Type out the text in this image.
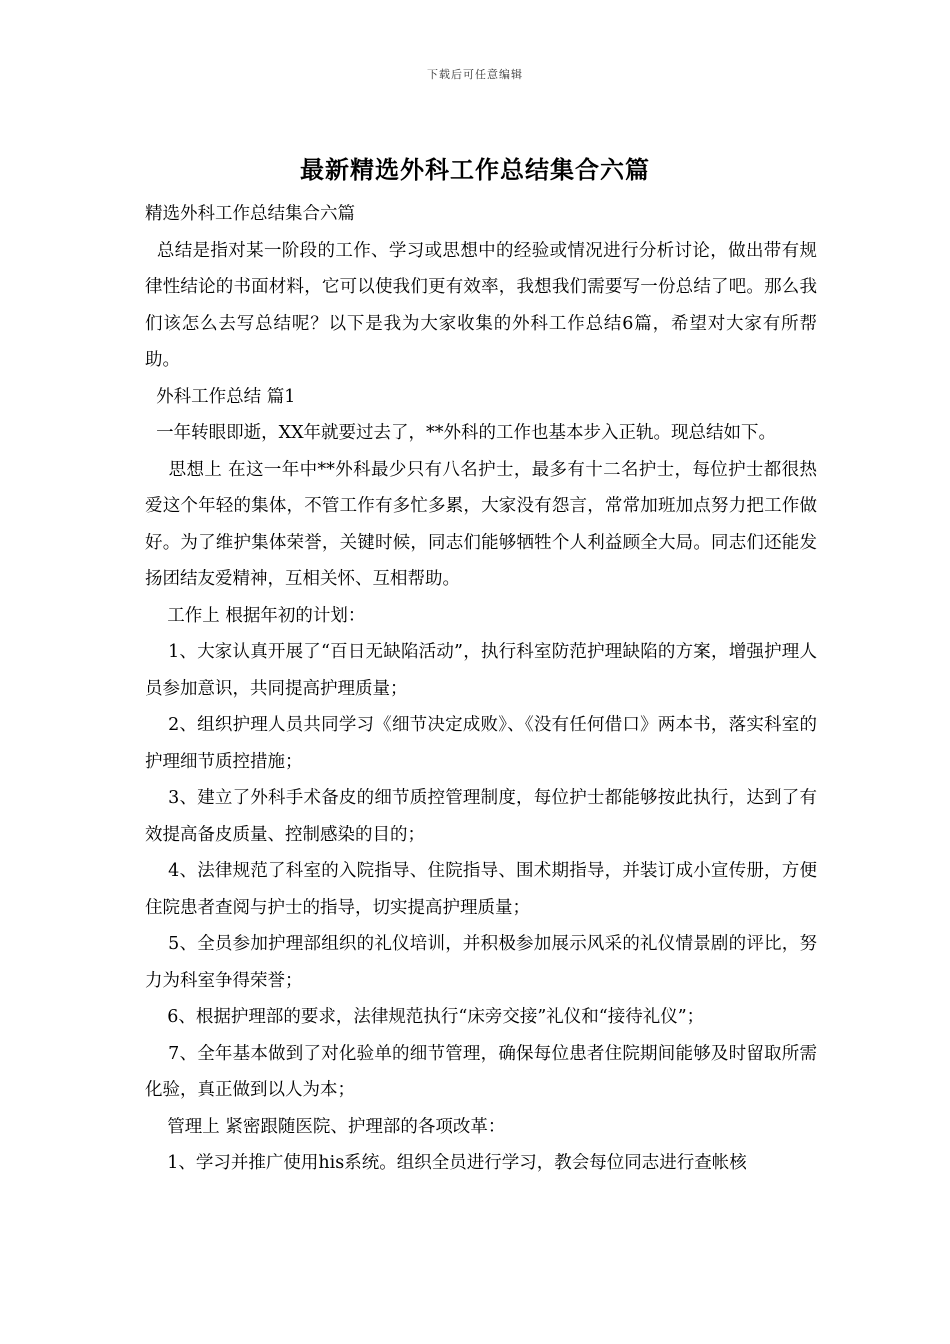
下载后可任意编辑
最新精选外科工作总结集合六篇

精选外科工作总结集合六篇

总结是指对某一阶段的工作、学习或思想中的经验或情况进行分析讨论，做出带有规律性结论的书面材料，它可以使我们更有效率，我想我们需要写一份总结了吧。那么我们该怎么去写总结呢？以下是我为大家收集的外科工作总结6篇，希望对大家有所帮助。

外科工作总结 篇1

一年转眼即逝，XX年就要过去了，**外科的工作也基本步入正轨。现总结如下。

思想上 在这一年中**外科最少只有八名护士，最多有十二名护士，每位护士都很热爱这个年轻的集体，不管工作有多忙多累，大家没有怨言，常常加班加点努力把工作做好。为了维护集体荣誉，关键时候，同志们能够牺牲个人利益顾全大局。同志们还能发扬团结友爱精神，互相关怀、互相帮助。

工作上 根据年初的计划：

1、大家认真开展了“百日无缺陷活动”，执行科室防范护理缺陷的方案，增强护理人员参加意识，共同提高护理质量；

2、组织护理人员共同学习《细节决定成败》、《没有任何借口》两本书，落实科室的护理细节质控措施；

3、建立了外科手术备皮的细节质控管理制度，每位护士都能够按此执行，达到了有效提高备皮质量、控制感染的目的；

4、法律规范了科室的入院指导、住院指导、围术期指导，并装订成小宣传册，方便住院患者查阅与护士的指导，切实提高护理质量；

5、全员参加护理部组织的礼仪培训，并积极参加展示风采的礼仪情景剧的评比，努力为科室争得荣誉；

6、根据护理部的要求，法律规范执行“床旁交接”礼仪和“接待礼仪”；

7、全年基本做到了对化验单的细节管理，确保每位患者住院期间能够及时留取所需化验，真正做到以人为本；

管理上 紧密跟随医院、护理部的各项改革：

1、学习并推广使用his系统。组织全员进行学习，教会每位同志进行查帐核
